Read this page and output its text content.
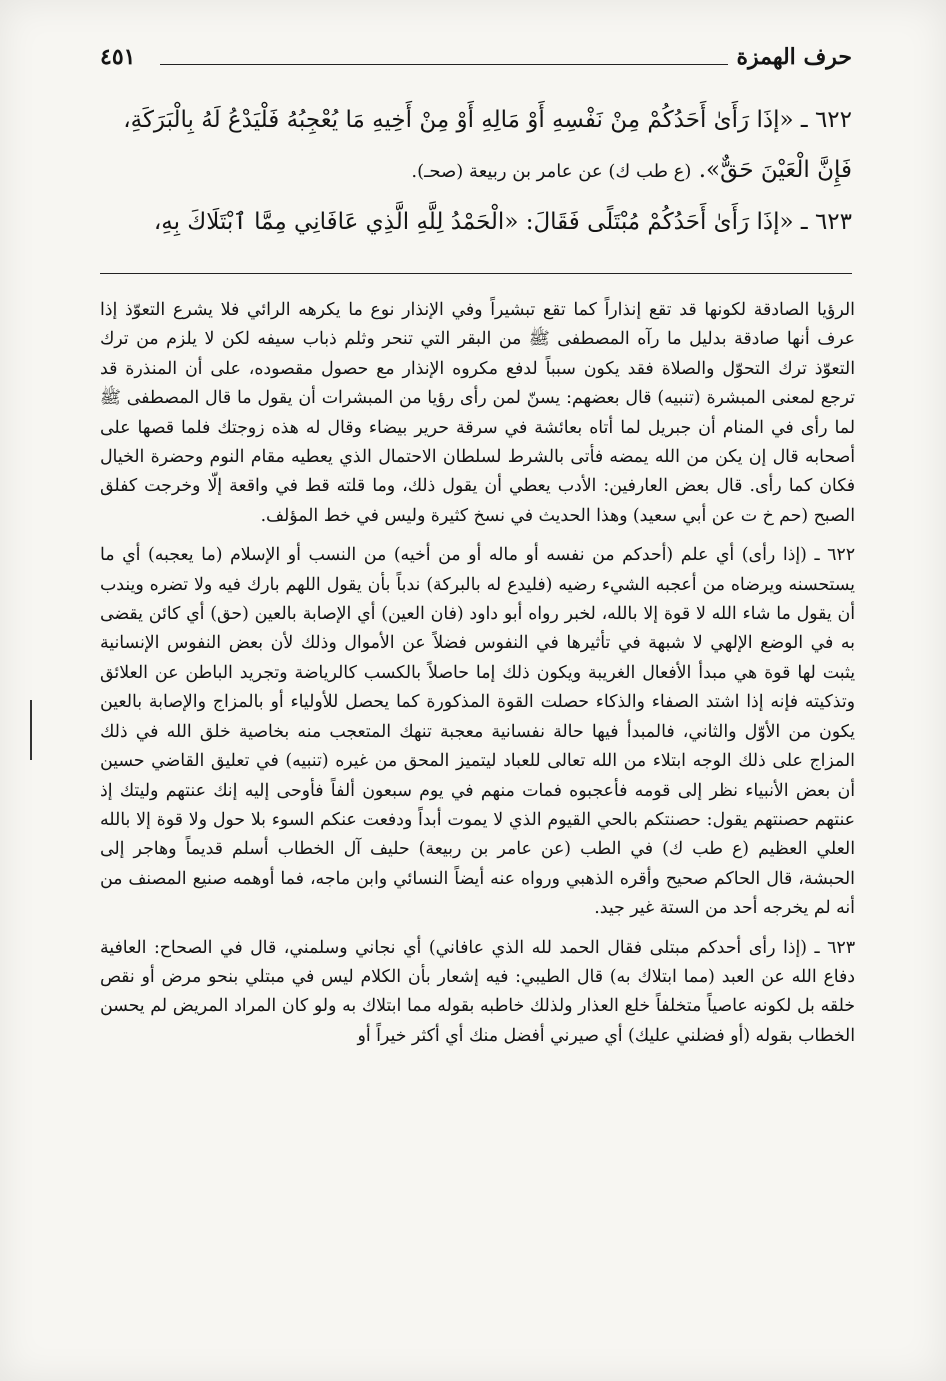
حرف الهمزة
٤٥١

٦٢٢ ـ «إذَا رَأَىٰ أَحَدُكُمْ مِنْ نَفْسِهِ أَوْ مَالِهِ أَوْ مِنْ أَخِيهِ مَا يُعْجِبُهُ فَلْيَدْعُ لَهُ بِالْبَرَكَةِ،

فَإِنَّ الْعَيْنَ حَقٌّ». (ع طب ك) عن عامر بن ربيعة (صحـ).

٦٢٣ ـ «إذَا رَأَىٰ أَحَدُكُمْ مُبْتَلًى فَقَالَ: «الْحَمْدُ لِلَّهِ الَّذِي عَافَانِي مِمَّا ٱبْتَلَاكَ بِهِ،

الرؤيا الصادقة لكونها قد تقع إنذاراً كما تقع تبشيراً وفي الإنذار نوع ما يكرهه الرائي فلا يشرع التعوّذ إذا عرف أنها صادقة بدليل ما رآه المصطفى ﷺ من البقر التي تنحر وثلم ذباب سيفه لكن لا يلزم من ترك التعوّذ ترك التحوّل والصلاة فقد يكون سبباً لدفع مكروه الإنذار مع حصول مقصوده، على أن المنذرة قد ترجع لمعنى المبشرة (تنبيه) قال بعضهم: يسنّ لمن رأى رؤيا من المبشرات أن يقول ما قال المصطفى ﷺ لما رأى في المنام أن جبريل لما أتاه بعائشة في سرقة حرير بيضاء وقال له هذه زوجتك فلما قصها على أصحابه قال إن يكن من الله يمضه فأتى بالشرط لسلطان الاحتمال الذي يعطيه مقام النوم وحضرة الخيال فكان كما رأى. قال بعض العارفين: الأدب يعطي أن يقول ذلك، وما قلته قط في واقعة إلّا وخرجت كفلق الصبح (حم خ ت عن أبي سعيد) وهذا الحديث في نسخ كثيرة وليس في خط المؤلف.

٦٢٢ ـ (إذا رأى) أي علم (أحدكم من نفسه أو ماله أو من أخيه) من النسب أو الإسلام (ما يعجبه) أي ما يستحسنه ويرضاه من أعجبه الشيء رضيه (فليدع له بالبركة) ندباً بأن يقول اللهم بارك فيه ولا تضره ويندب أن يقول ما شاء الله لا قوة إلا بالله، لخبر رواه أبو داود (فان العين) أي الإصابة بالعين (حق) أي كائن يقضى به في الوضع الإلهي لا شبهة في تأثيرها في النفوس فضلاً عن الأموال وذلك لأن بعض النفوس الإنسانية يثبت لها قوة هي مبدأ الأفعال الغريبة ويكون ذلك إما حاصلاً بالكسب كالرياضة وتجريد الباطن عن العلائق وتذكيته فإنه إذا اشتد الصفاء والذكاء حصلت القوة المذكورة كما يحصل للأولياء أو بالمزاج والإصابة بالعين يكون من الأوّل والثاني، فالمبدأ فيها حالة نفسانية معجبة تنهك المتعجب منه بخاصية خلق الله في ذلك المزاج على ذلك الوجه ابتلاء من الله تعالى للعباد ليتميز المحق من غيره (تنبيه) في تعليق القاضي حسين أن بعض الأنبياء نظر إلى قومه فأعجبوه فمات منهم في يوم سبعون ألفاً فأوحى إليه إنك عنتهم وليتك إذ عنتهم حصنتهم يقول: حصنتكم بالحي القيوم الذي لا يموت أبداً ودفعت عنكم السوء بلا حول ولا قوة إلا بالله العلي العظيم (ع طب ك) في الطب (عن عامر بن ربيعة) حليف آل الخطاب أسلم قديماً وهاجر إلى الحبشة، قال الحاكم صحيح وأقره الذهبي ورواه عنه أيضاً النسائي وابن ماجه، فما أوهمه صنيع المصنف من أنه لم يخرجه أحد من الستة غير جيد.

٦٢٣ ـ (إذا رأى أحدكم مبتلى فقال الحمد لله الذي عافاني) أي نجاني وسلمني، قال في الصحاح: العافية دفاع الله عن العبد (مما ابتلاك به) قال الطيبي: فيه إشعار بأن الكلام ليس في مبتلي بنحو مرض أو نقص خلقه بل لكونه عاصياً متخلفاً خلع العذار ولذلك خاطبه بقوله مما ابتلاك به ولو كان المراد المريض لم يحسن الخطاب بقوله (أو فضلني عليك) أي صيرني أفضل منك أي أكثر خيراً أو
